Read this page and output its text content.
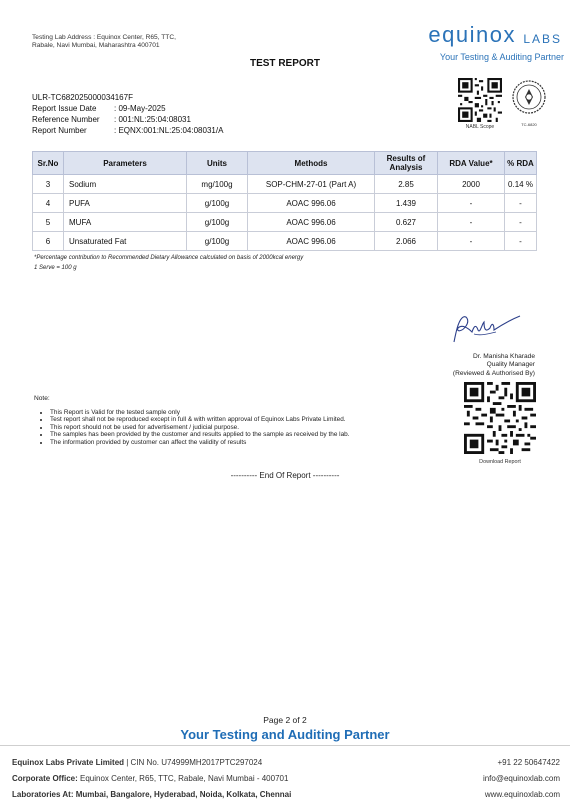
Testing Lab Address : Equinox Center, R65, TTC, Rabale, Navi Mumbai, Maharashtra 400701	equinox LABS
Your Testing & Auditing Partner
TEST REPORT
ULR-TC682025000034167F
Report Issue Date	: 09-May-2025
Reference Number	: 001:NL:25:04:08031
Report Number	: EQNX:001:NL:25:04:08031/A	NABL Scope	TC-6820
Sr.No	Parameters	Units	Methods	Results of Analysis	RDA Value*	% RDA
3	Sodium	mg/100g	SOP-CHM-27-01 (Part A)	2.85	2000	0.14 %
4	PUFA	g/100g	AOAC 996.06	1.439	-	-
5	MUFA	g/100g	AOAC 996.06	0.627	-	-
6	Unsaturated Fat	g/100g	AOAC 996.06	2.066	-	-
*Percentage contribution to Recommended Dietary Allowance calculated on basis of 2000kcal energy
1 Serve = 100 g
Dr. Manisha Kharade
Quality Manager
(Reviewed & Authorised By)
Download Report
Note:
• This Report is Valid for the tested sample only
• Test report shall not be reproduced except in full & with written approval of Equinox Labs Private Limited.
• This report should not be used for advertisement / judicial purpose.
• The samples has been provided by the customer and results applied to the sample as received by the lab.
• The information provided by customer can affect the validity of results
---------- End Of Report ----------
Page 2 of 2
Your Testing and Auditing Partner
Equinox Labs Private Limited | CIN No. U74999MH2017PTC297024
Corporate Office: Equinox Center, R65, TTC, Rabale, Navi Mumbai - 400701
Laboratories At: Mumbai, Bangalore, Hyderabad, Noida, Kolkata, Chennai
+91 22 50647422
info@equinoxlab.com
www.equinoxlab.com
